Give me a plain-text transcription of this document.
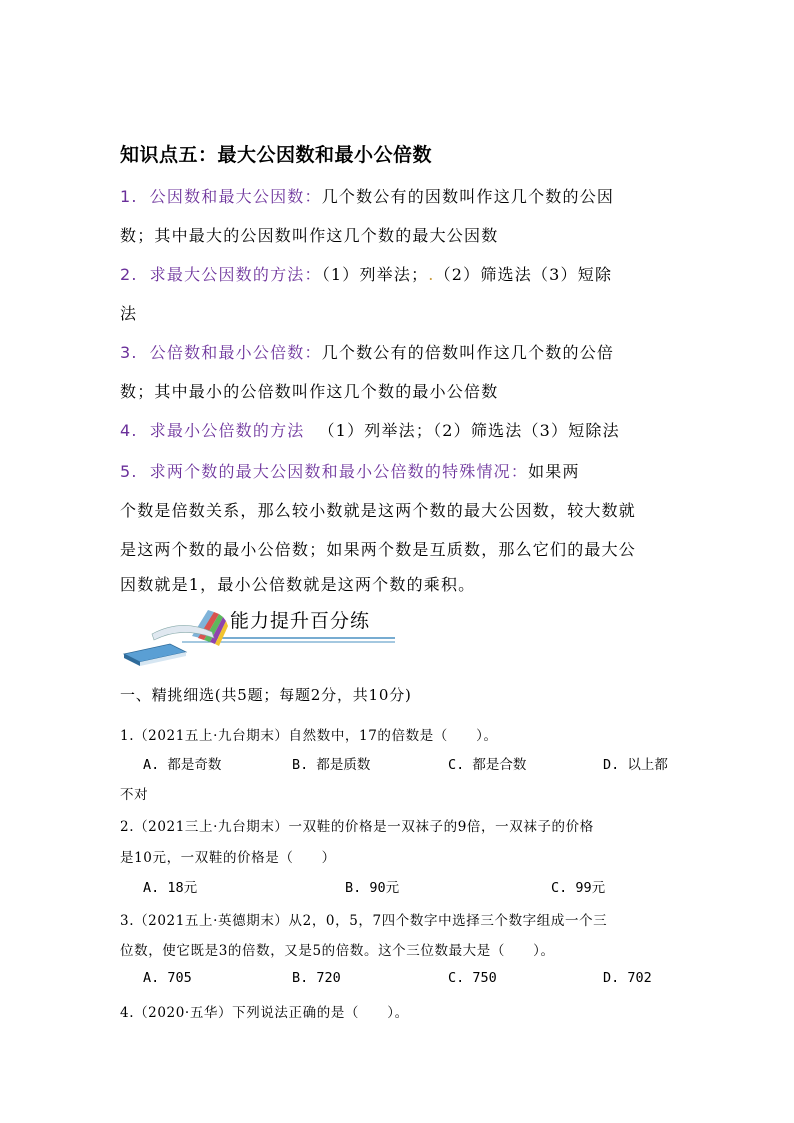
知识点五：最大公因数和最小公倍数
1. 公因数和最大公因数：几个数公有的因数叫作这几个数的公因
数；其中最大的公因数叫作这几个数的最大公因数
2. 求最大公因数的方法：（1）列举法；.（2）筛选法（3）短除
法
3. 公倍数和最小公倍数：几个数公有的倍数叫作这几个数的公倍
数；其中最小的公倍数叫作这几个数的最小公倍数
4. 求最小公倍数的方法 （1）列举法；（2）筛选法（3）短除法
5. 求两个数的最大公因数和最小公倍数的特殊情况：如果两
个数是倍数关系，那么较小数就是这两个数的最大公因数，较大数就
是这两个数的最小公倍数；如果两个数是互质数，那么它们的最大公
因数就是1，最小公倍数就是这两个数的乘积。
能力提升百分练
一、精挑细选(共5题；每题2分，共10分)
1.（2021五上·九台期末）自然数中，17的倍数是（　　）。
A. 都是奇数	B. 都是质数	C. 都是合数	D. 以上都
不对
2.（2021三上·九台期末）一双鞋的价格是一双袜子的9倍，一双袜子的价格
是10元，一双鞋的价格是（　　）
A. 18元	B. 90元	C. 99元
3.（2021五上·英德期末）从2，0，5，7四个数字中选择三个数字组成一个三
位数，使它既是3的倍数，又是5的倍数。这个三位数最大是（　　）。
A. 705	B. 720	C. 750	D. 702
4.（2020·五华）下列说法正确的是（　　）。
